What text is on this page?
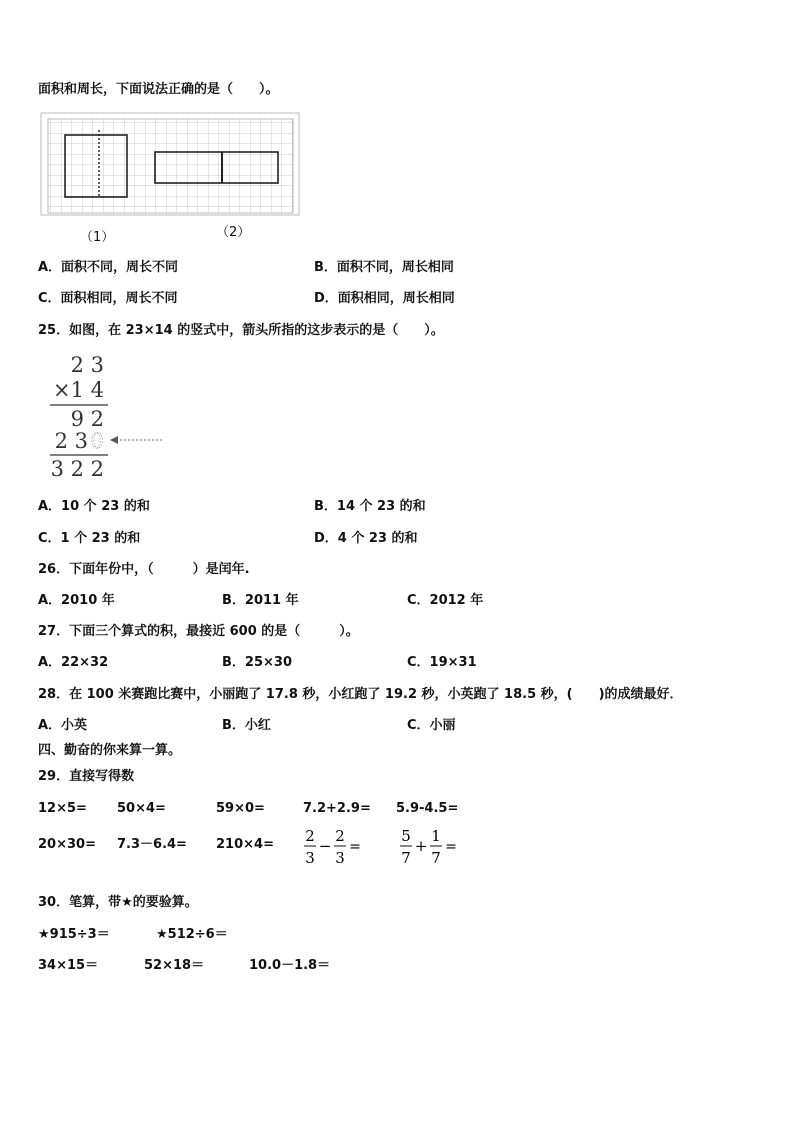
面积和周长，下面说法正确的是（　　）。
（1）	（2）
A．面积不同，周长不同	B．面积不同，周长相同
C．面积相同，周长不同	D．面积相同，周长相同
25．如图，在 23×14 的竖式中，箭头所指的这步表示的是（　　）。
2 3
×1 4
9 2
2 3 0
3 2 2
A．10 个 23 的和	B．14 个 23 的和
C．1 个 23 的和	D．4 个 23 的和
26．下面年份中，（　　　）是闰年.
A．2010 年	B．2011 年	C．2012 年
27．下面三个算式的积，最接近 600 的是（　　　）。
A．22×32	B．25×30	C．19×31
28．在 100 米赛跑比赛中，小丽跑了 17.8 秒，小红跑了 19.2 秒，小英跑了 18.5 秒，(　　)的成绩最好．
A．小英	B．小红	C．小丽
四、勤奋的你来算一算。
29．直接写得数
12×5= 50×4=	59×0=	7.2+2.9= 5.9-4.5=
20×30= 7.3－6.4= 210×4= 2
3
−
2
3
=
5
7
+
1
7
=
30．笔算，带★的要验算。
★915÷3＝	★512÷6＝
34×15＝	52×18＝	10.0－1.8＝
